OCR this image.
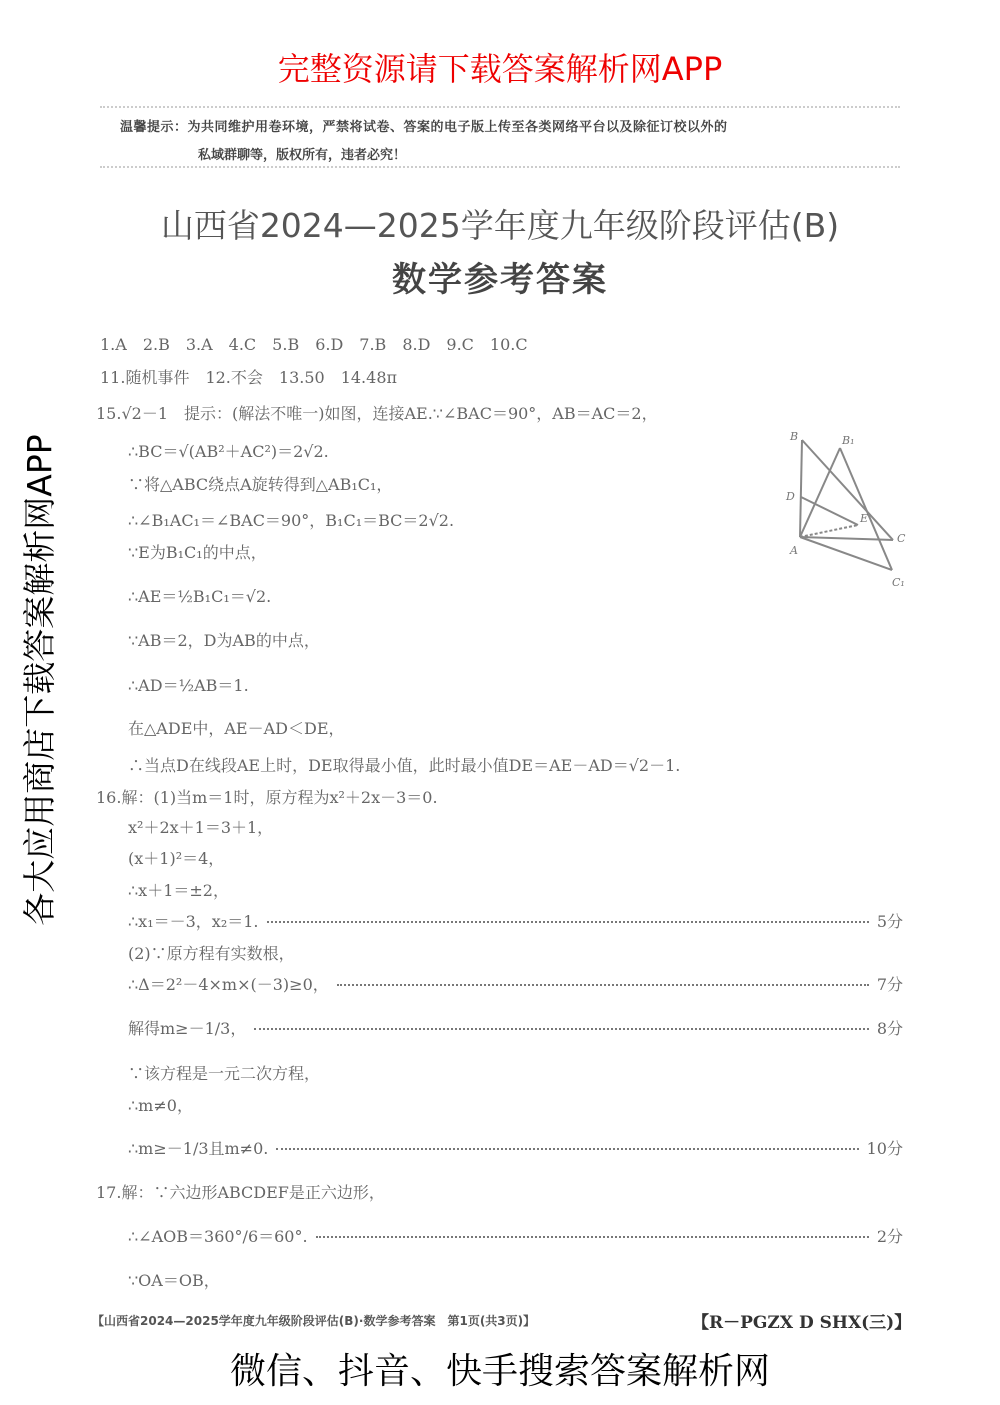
完整资源请下载答案解析网APP
温馨提示：为共同维护用卷环境，严禁将试卷、答案的电子版上传至各类网络平台以及除征订校以外的
私域群聊等，版权所有，违者必究！
山西省2024—2025学年度九年级阶段评估(B)
数学参考答案
1.A　2.B　3.A　4.C　5.B　6.D　7.B　8.D　9.C　10.C
11.随机事件　12.不会　13.50　14.48π
15.√2－1　提示：(解法不唯一)如图，连接AE.∵∠BAC＝90°，AB＝AC＝2，
∴BC＝√(AB²＋AC²)＝2√2.
∵将△ABC绕点A旋转得到△AB₁C₁，
∴∠B₁AC₁＝∠BAC＝90°，B₁C₁＝BC＝2√2.
∵E为B₁C₁的中点，
∴AE＝½B₁C₁＝√2.
∵AB＝2，D为AB的中点，
∴AD＝½AB＝1.
在△ADE中，AE－AD＜DE，
∴当点D在线段AE上时，DE取得最小值，此时最小值DE＝AE－AD＝√2－1.
16.解：(1)当m＝1时，原方程为x²＋2x－3＝0.
x²＋2x＋1＝3＋1，
(x＋1)²＝4，
∴x＋1＝±2，
∴x₁＝－3，x₂＝1.	5分
(2)∵原方程有实数根，
∴Δ＝2²－4×m×(－3)≥0，	7分
解得m≥－1/3，	8分
∵该方程是一元二次方程，
∴m≠0，
∴m≥－1/3且m≠0.	10分
17.解：∵六边形ABCDEF是正六边形，
∴∠AOB＝360°/6＝60°.	2分
∵OA＝OB，
B	B₁
D
E
A
C
C₁
【山西省2024—2025学年度九年级阶段评估(B)·数学参考答案　第1页(共3页)】	【R－PGZX D SHX(三)】
各大应用商店下载答案解析网APP
微信、抖音、快手搜索答案解析网
